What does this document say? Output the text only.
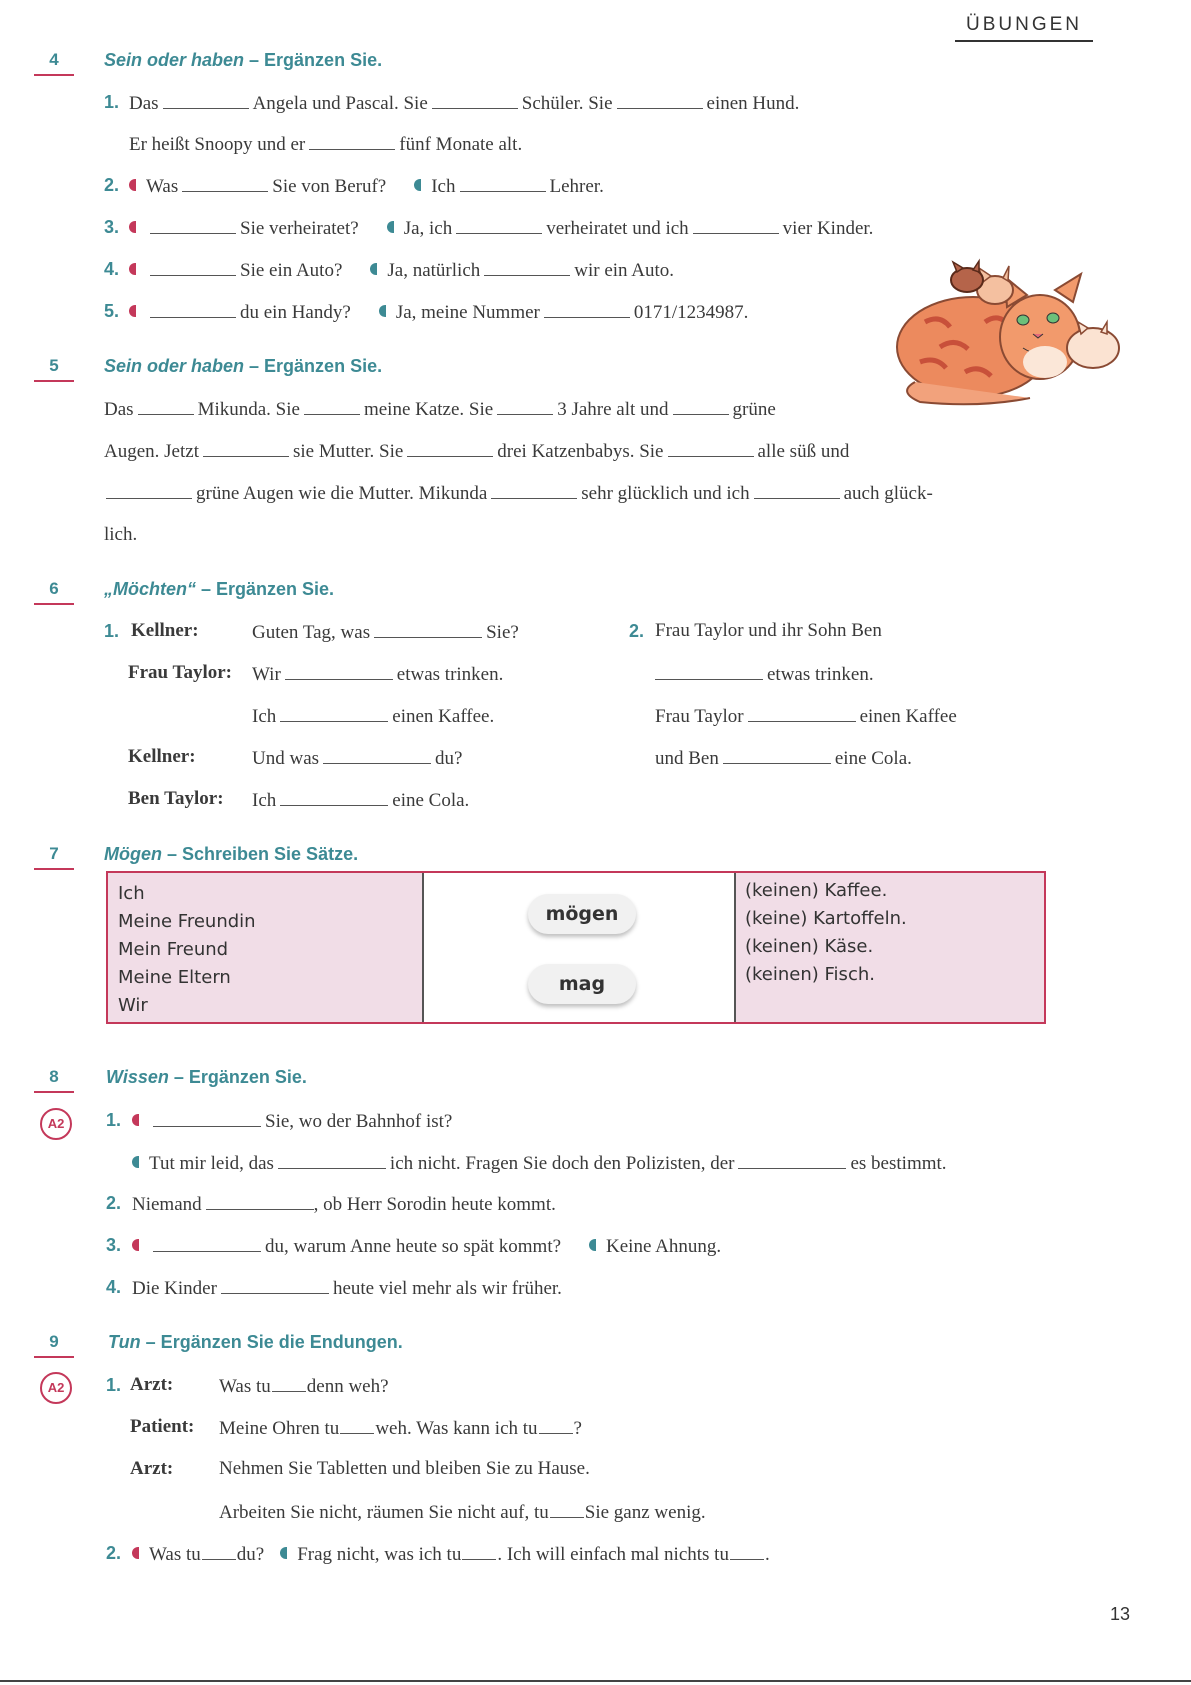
ÜBUNGEN
4	Sein oder haben – Ergänzen Sie.
1. Das	Angela und Pascal. Sie	Schüler. Sie	einen Hund.
Er heißt Snoopy und er	fünf Monate alt.
2.	Was	Sie von Beruf? Ich	Lehrer.
3.	Sie verheiratet? Ja, ich	verheiratet und ich	vier Kinder.
4.	Sie ein Auto? Ja, natürlich	wir ein Auto.
5.	du ein Handy? Ja, meine Nummer	0171/1234987.
5	Sein oder haben – Ergänzen Sie.
Das	Mikunda. Sie	meine Katze. Sie	3 Jahre alt und	grüne
Augen. Jetzt	sie Mutter. Sie	drei Katzenbabys. Sie	alle süß und
grüne Augen wie die Mutter. Mikunda	sehr glücklich und ich	auch glück-
lich.
6	„Möchten“ – Ergänzen Sie.
1. Kellner:	Guten Tag, was	Sie?
Frau Taylor: Wir	etwas trinken.
Ich	einen Kaffee.
Kellner:	Und was	du?
Ben Taylor: Ich	eine Cola.
2. Frau Taylor und ihr Sohn Ben
etwas trinken.
Frau Taylor	einen Kaffee
und Ben	eine Cola.
7	Mögen – Schreiben Sie Sätze.
Ich
Meine Freundin
Mein Freund
Meine Eltern
Wir
mögen
mag
(keinen) Kaffee.
(keine) Kartoffeln.
(keinen) Käse.
(keinen) Fisch.
8
A2
Wissen – Ergänzen Sie.
1.	Sie, wo der Bahnhof ist?
Tut mir leid, das	ich nicht. Fragen Sie doch den Polizisten, der	es bestimmt.
2. Niemand	, ob Herr Sorodin heute kommt.
3.	du, warum Anne heute so spät kommt? Keine Ahnung.
4. Die Kinder	heute viel mehr als wir früher.
9
A2
Tun – Ergänzen Sie die Endungen.
1. Arzt: Was tu denn weh?
Patient: Meine Ohren tu weh. Was kann ich tu ?
Arzt: Nehmen Sie Tabletten und bleiben Sie zu Hause.
Arbeiten Sie nicht, räumen Sie nicht auf, tu Sie ganz wenig.
2.	Was tu du? Frag nicht, was ich tu . Ich will einfach mal nichts tu .
13
